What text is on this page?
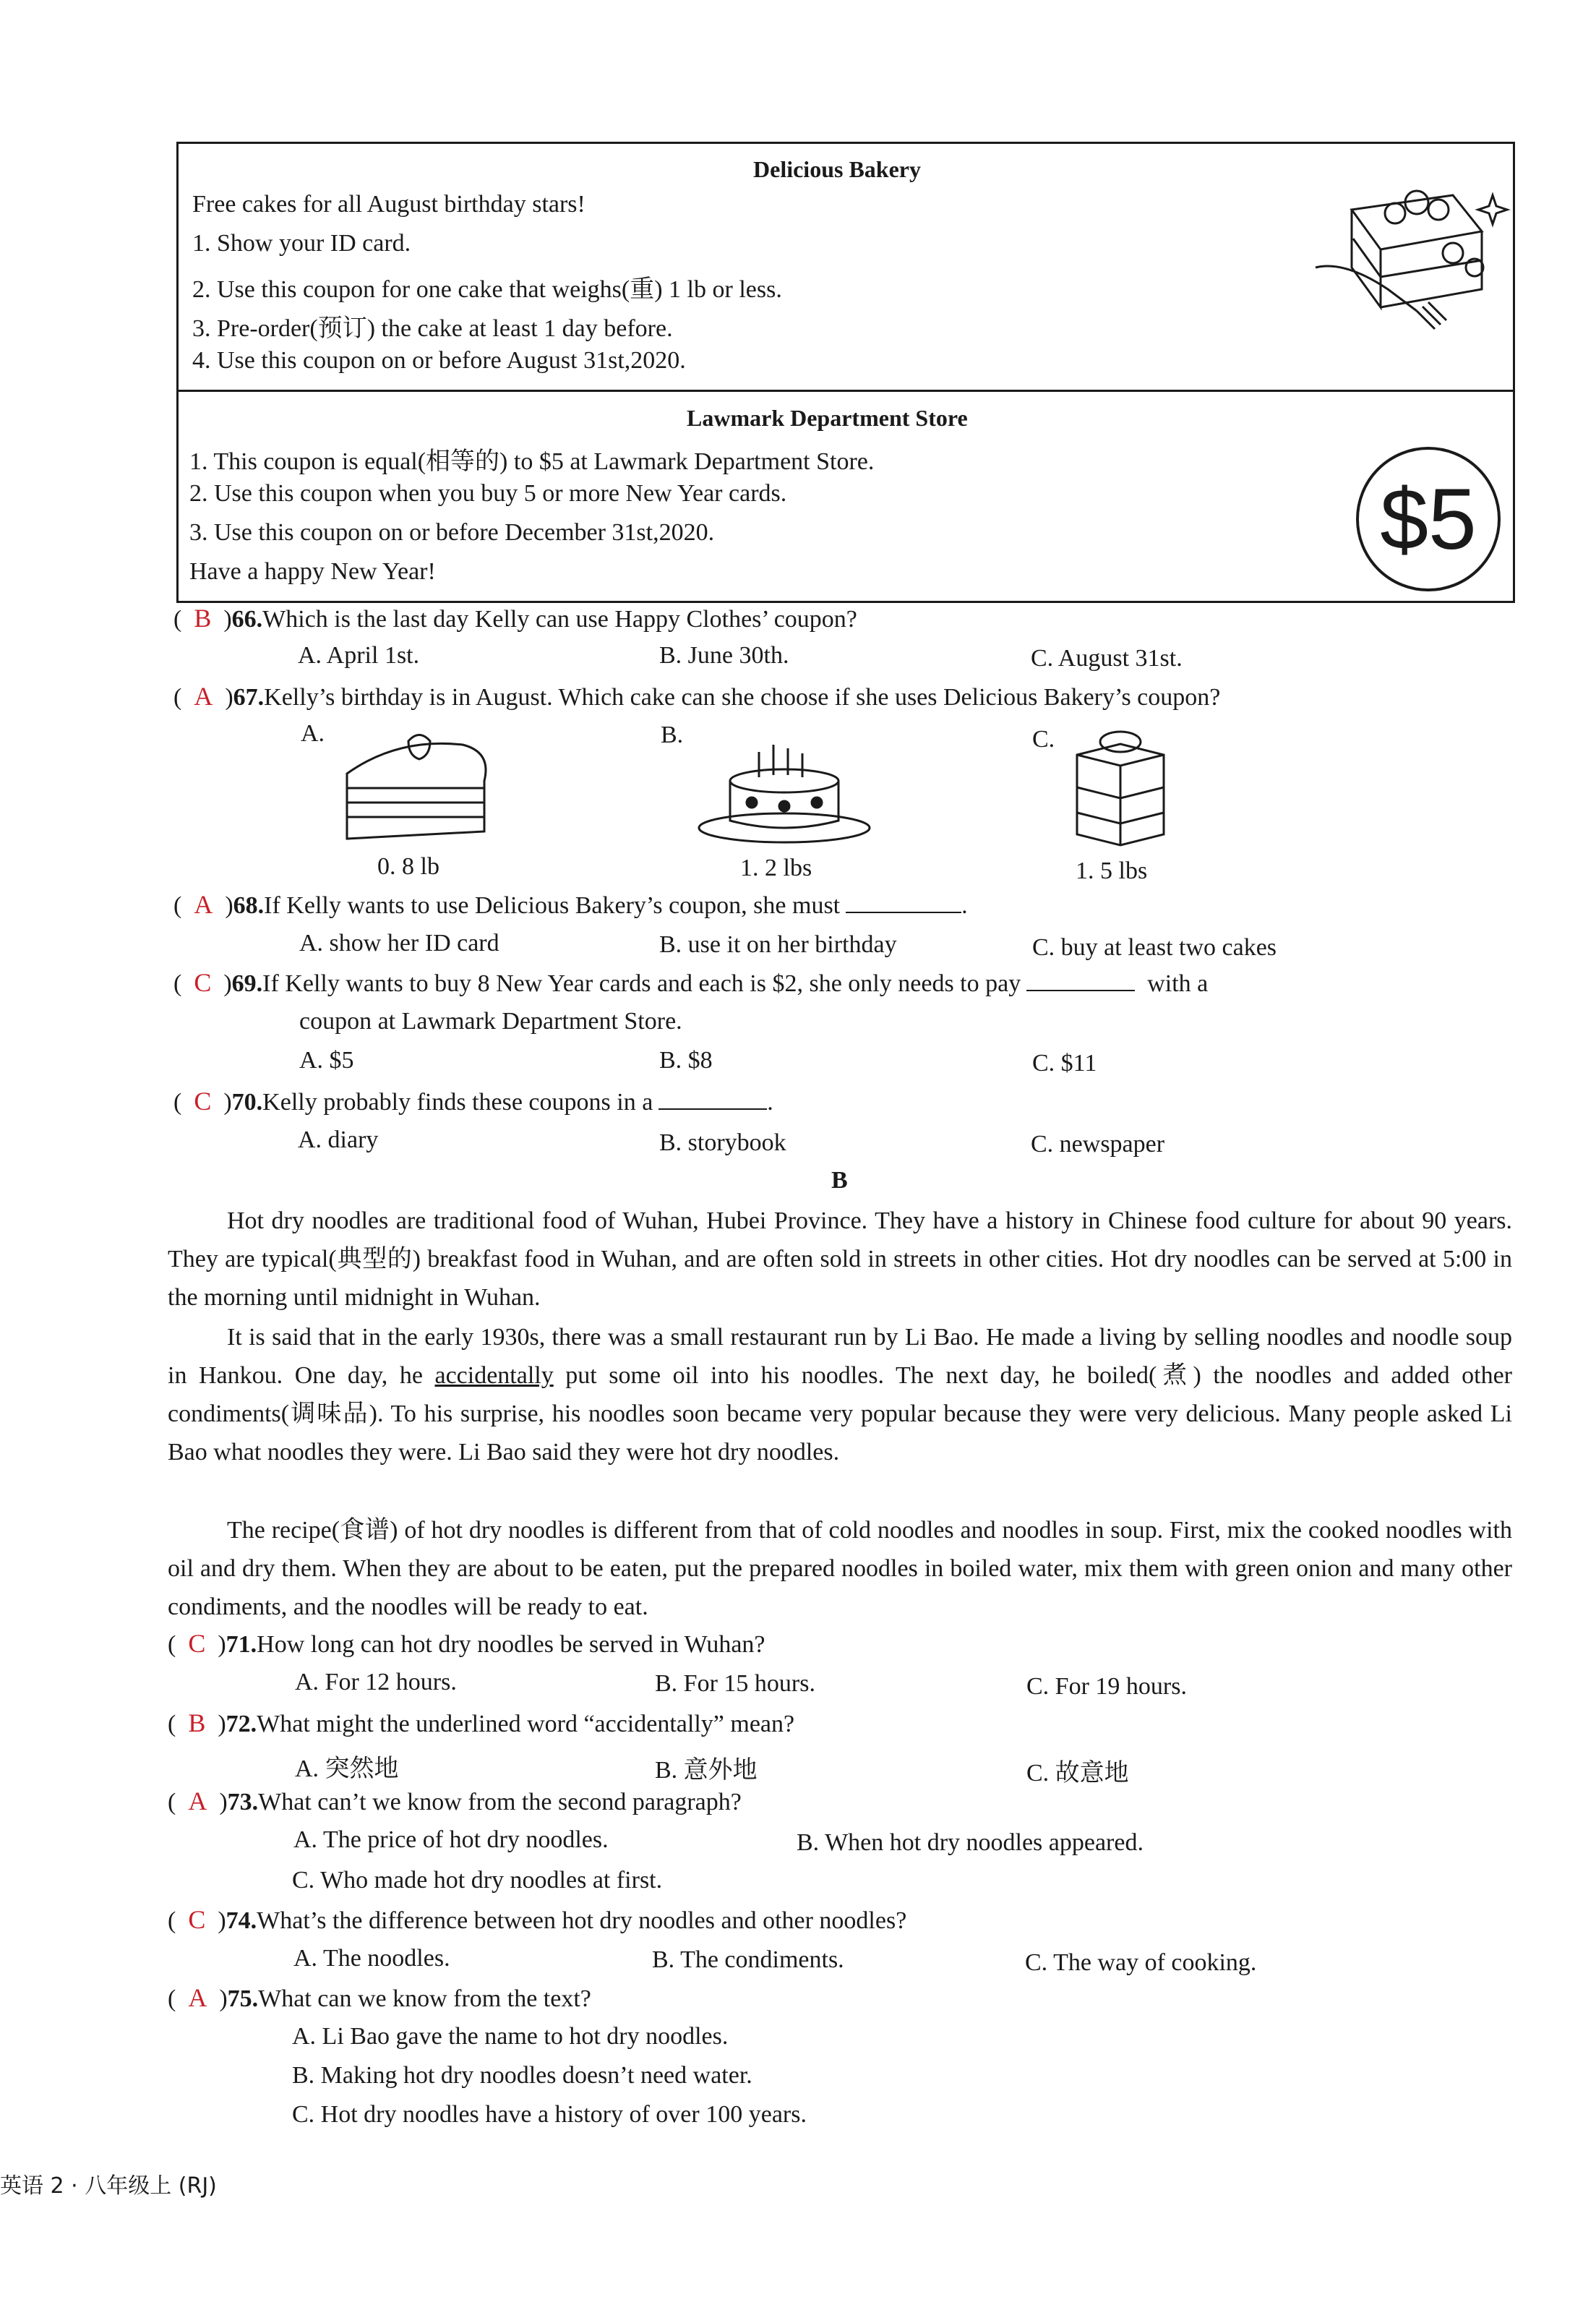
Delicious Bakery
Free cakes for all August birthday stars!
1. Show your ID card.
2. Use this coupon for one cake that weighs(重) 1 lb or less.
3. Pre-order(预订) the cake at least 1 day before.
4. Use this coupon on or before August 31st,2020.
Lawmark Department Store
1. This coupon is equal(相等的) to $5 at Lawmark Department Store.
2. Use this coupon when you buy 5 or more New Year cards.
3. Use this coupon on or before December 31st,2020.
Have a happy New Year!
$5
(  B  )66.Which is the last day Kelly can use Happy Clothes’ coupon?
A. April 1st.	B. June 30th.	C. August 31st.
(  A  )67.Kelly’s birthday is in August. Which cake can she choose if she uses Delicious Bakery’s coupon?
A.	B.	C.
0. 8 lb	1. 2 lbs	1. 5 lbs
(  A  )68.If Kelly wants to use Delicious Bakery’s coupon, she must	.
A. show her ID card	B. use it on her birthday	C. buy at least two cakes
(  C  )69.If Kelly wants to buy 8 New Year cards and each is $2, she only needs to pay	with a
coupon at Lawmark Department Store.
A. $5	B. $8	C. $11
(  C  )70.Kelly probably finds these coupons in a	.
A. diary	B. storybook	C. newspaper
B
Hot dry noodles are traditional food of Wuhan, Hubei Province. They have a history in Chinese food culture for about 90 years. They are typical(典型的) breakfast food in Wuhan, and are often sold in streets in other cities. Hot dry noodles can be served at 5:00 in the morning until midnight in Wuhan.
It is said that in the early 1930s, there was a small restaurant run by Li Bao. He made a living by selling noodles and noodle soup in Hankou. One day, he accidentally put some oil into his noodles. The next day, he boiled(煮) the noodles and added other condiments(调味品). To his surprise, his noodles soon became very popular because they were very delicious. Many people asked Li Bao what noodles they were. Li Bao said they were hot dry noodles.
The recipe(食谱) of hot dry noodles is different from that of cold noodles and noodles in soup. First, mix the cooked noodles with oil and dry them. When they are about to be eaten, put the prepared noodles in boiled water, mix them with green onion and many other condiments, and the noodles will be ready to eat.
(  C  )71.How long can hot dry noodles be served in Wuhan?
A. For 12 hours.	B. For 15 hours.	C. For 19 hours.
(  B  )72.What might the underlined word “accidentally” mean?
A. 突然地	B. 意外地	C. 故意地
(  A  )73.What can’t we know from the second paragraph?
A. The price of hot dry noodles.	B. When hot dry noodles appeared.
C. Who made hot dry noodles at first.
(  C  )74.What’s the difference between hot dry noodles and other noodles?
A. The noodles.	B. The condiments.	C. The way of cooking.
(  A  )75.What can we know from the text?
A. Li Bao gave the name to hot dry noodles.
B. Making hot dry noodles doesn’t need water.
C. Hot dry noodles have a history of over 100 years.
英语 2 · 八年级上 (RJ)
